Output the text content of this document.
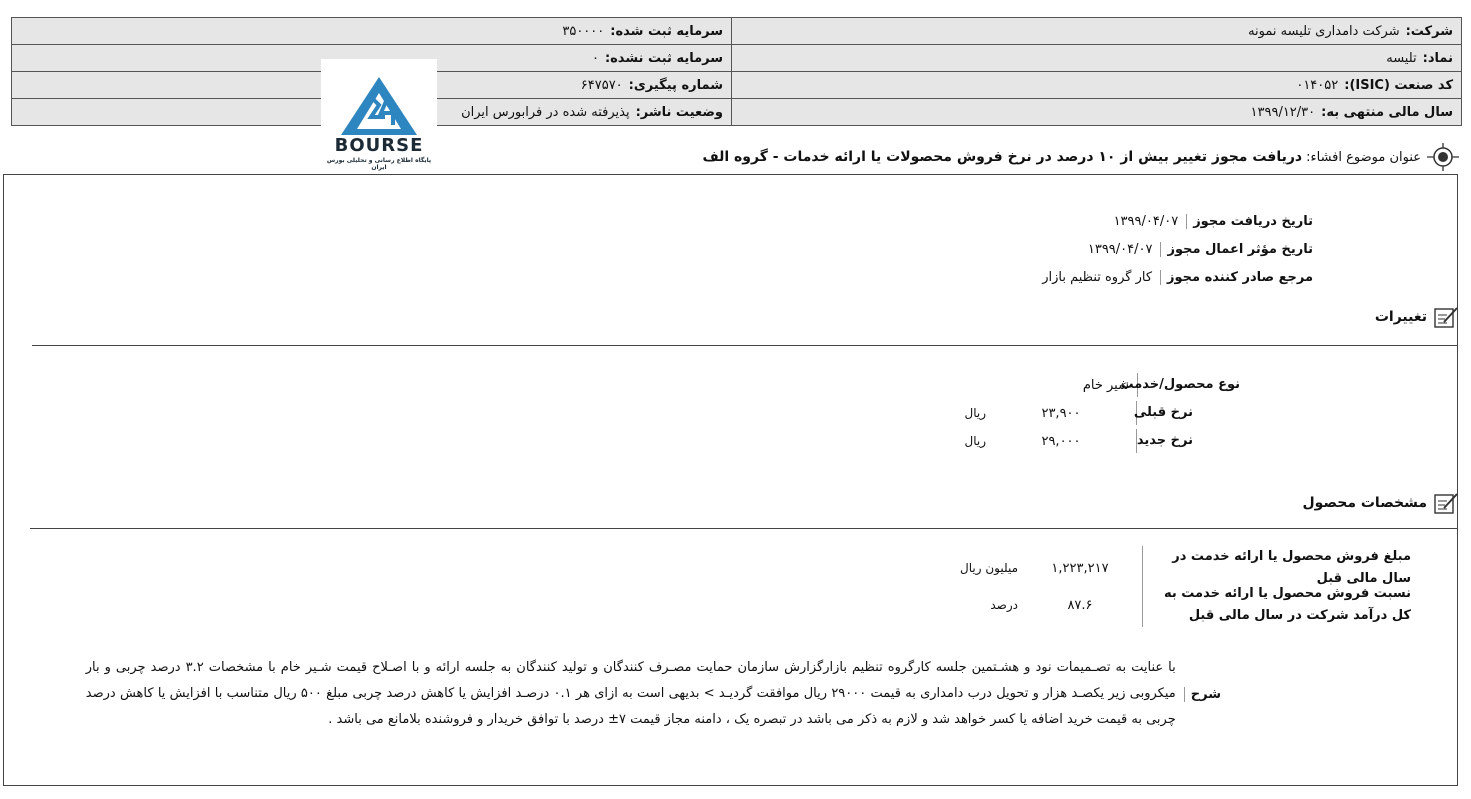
شرکت:شرکت دامداری تلیسه نمونه	سرمایه ثبت شده:۳۵۰۰۰۰
نماد:تلیسه	سرمایه ثبت نشده:۰
کد صنعت (ISIC):۰۱۴۰۵۲	شماره پیگیری:۶۴۷۵۷۰
سال مالی منتهی به:۱۳۹۹/۱۲/۳۰	وضعیت ناشر:پذیرفته شده در فرابورس ایران
BOURSE
پایگاه اطلاع رسانی و تحلیلی بورس ایران
عنوان موضوع افشاء:
دریافت مجوز تغییر بیش از ۱۰ درصد در نرخ فروش محصولات یا ارائه خدمات - گروه الف
تاریخ دریافت مجوز
۱۳۹۹/۰۴/۰۷
تاریخ مؤثر اعمال مجوز
۱۳۹۹/۰۴/۰۷
مرجع صادر کننده مجوز
کار گروه تنظیم بازار
تغییرات
نوع محصول/خدمت
شیر خام
نرخ قبلی
۲۳,۹۰۰
ریال
نرخ جدید
۲۹,۰۰۰
ریال
مشخصات محصول
مبلغ فروش محصول یا ارائه خدمت در سال مالی قبل
۱,۲۲۳,۲۱۷
میلیون ریال
نسبت فروش محصول یا ارائه خدمت به کل درآمد شرکت در سال مالی قبل
۸۷.۶
درصد
شرح
با عنایت به تصـمیمات نود و هشـتمین جلسه کارگروه تنظیم بازارگزارش سازمان حمایت مصـرف کنندگان و تولید کنندگان به جلسه ارائه و با اصـلاح قیمت شـیر خام با مشخصات ۳.۲ درصد چربی و بار میکروبی زیر یکصـد هزار و تحویل درب دامداری به قیمت ۲۹۰۰۰ ریال موافقت گردیـد > بدیهی است به ازای هر ۰.۱ درصـد افزایش یا کاهش درصد چربی مبلغ ۵۰۰ ریال متناسب با افزایش یا کاهش درصد چربی به قیمت خرید اضافه یا کسر خواهد شد و لازم به ذکر می باشد در تبصره یک ، دامنه مجاز قیمت ۷± درصد با توافق خریدار و فروشنده بلامانع می باشد .
